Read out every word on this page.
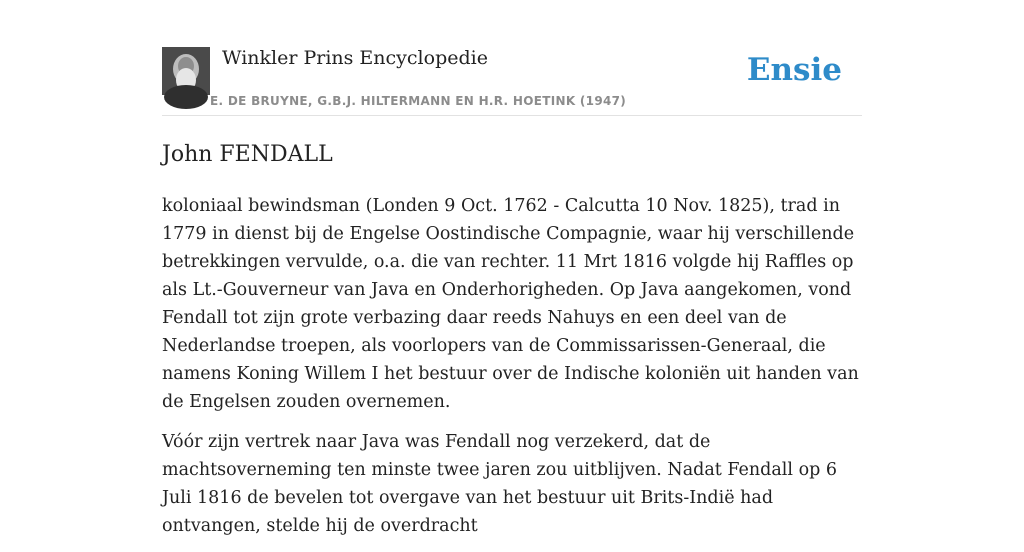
Winkler Prins Encyclopedie
E. DE BRUYNE, G.B.J. HILTERMANN EN H.R. HOETINK (1947)
Ensie
John FENDALL

koloniaal bewindsman (Londen 9 Oct. 1762 - Calcutta 10 Nov. 1825), trad in 1779 in dienst bij de Engelse Oostindische Compagnie, waar hij verschillende betrekkingen vervulde, o.a. die van rechter. 11 Mrt 1816 volgde hij Raffles op als Lt.-Gouverneur van Java en Onderhorigheden. Op Java aangekomen, vond Fendall tot zijn grote verbazing daar reeds Nahuys en een deel van de Nederlandse troepen, als voorlopers van de Commissarissen-Generaal, die namens Koning Willem I het bestuur over de Indische koloniën uit handen van de Engelsen zouden overnemen.

Vóór zijn vertrek naar Java was Fendall nog verzekerd, dat de machtsoverneming ten minste twee jaren zou uitblijven. Nadat Fendall op 6 Juli 1816 de bevelen tot overgave van het bestuur uit Brits-Indië had ontvangen, stelde hij de overdracht
